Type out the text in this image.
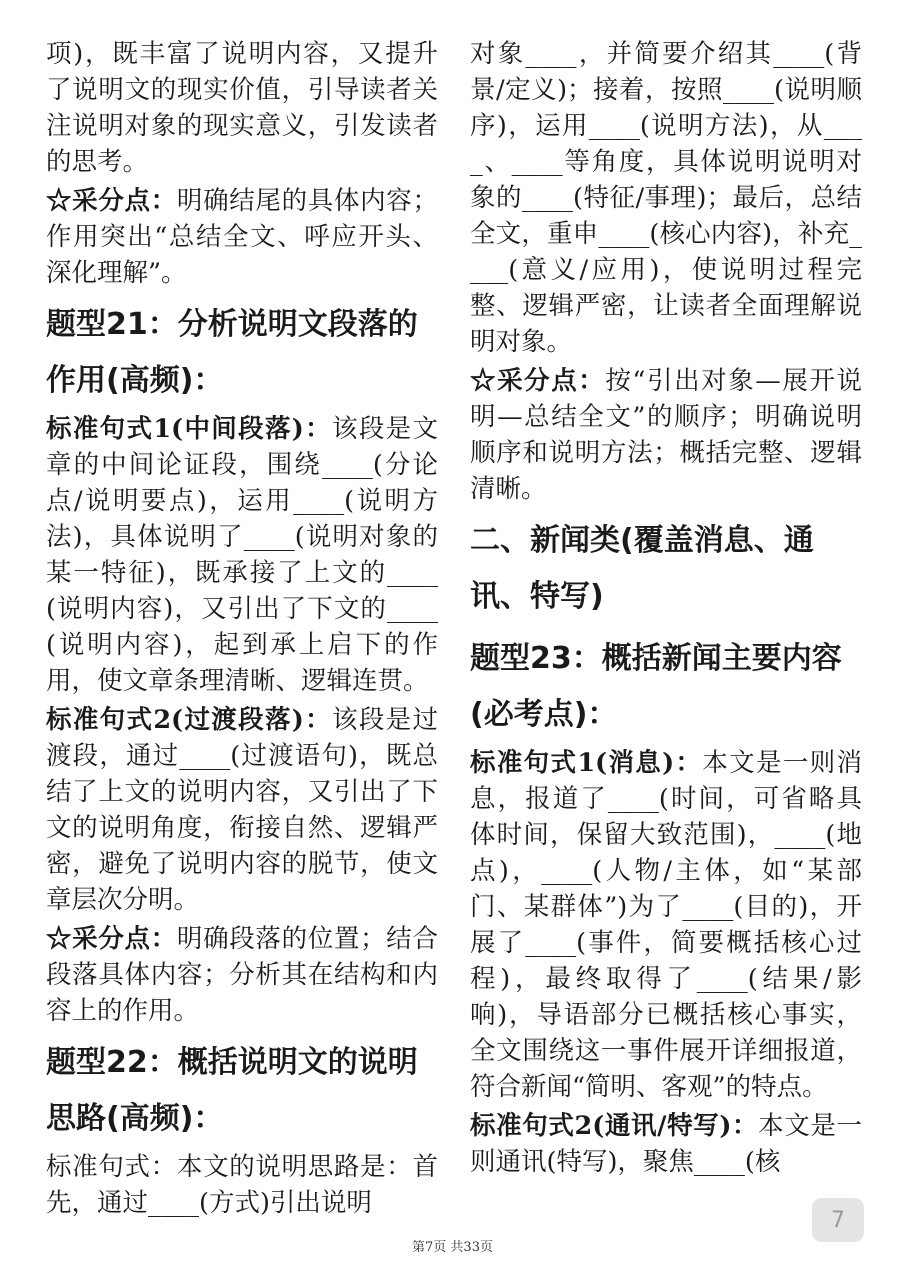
项)，既丰富了说明内容，又提升了说明文的现实价值，引导读者关注说明对象的现实意义，引发读者的思考。

☆采分点：明确结尾的具体内容；作用突出“总结全文、呼应开头、深化理解”。

题型21：分析说明文段落的作用(高频)：

标准句式1(中间段落)：该段是文章的中间论证段，围绕____(分论点/说明要点)，运用____(说明方法)，具体说明了____(说明对象的某一特征)，既承接了上文的____(说明内容)，又引出了下文的____(说明内容)，起到承上启下的作用，使文章条理清晰、逻辑连贯。

标准句式2(过渡段落)：该段是过渡段，通过____(过渡语句)，既总结了上文的说明内容，又引出了下文的说明角度，衔接自然、逻辑严密，避免了说明内容的脱节，使文章层次分明。

☆采分点：明确段落的位置；结合段落具体内容；分析其在结构和内容上的作用。

题型22：概括说明文的说明思路(高频)：

标准句式：本文的说明思路是：首先，通过____(方式)引出说明

对象____，并简要介绍其____(背景/定义)；接着，按照____(说明顺序)，运用____(说明方法)，从____、____等角度，具体说明说明对象的____(特征/事理)；最后，总结全文，重申____(核心内容)，补充____(意义/应用)，使说明过程完整、逻辑严密，让读者全面理解说明对象。

☆采分点：按“引出对象—展开说明—总结全文”的顺序；明确说明顺序和说明方法；概括完整、逻辑清晰。

二、新闻类(覆盖消息、通讯、特写)
题型23：概括新闻主要内容(必考点)：

标准句式1(消息)：本文是一则消息，报道了____(时间，可省略具体时间，保留大致范围)，____(地点)，____(人物/主体，如“某部门、某群体”)为了____(目的)，开展了____(事件，简要概括核心过程)，最终取得了____(结果/影响)，导语部分已概括核心事实，全文围绕这一事件展开详细报道，符合新闻“简明、客观”的特点。

标准句式2(通讯/特写)：本文是一则通讯(特写)，聚焦____(核

第7页 共33页
7
